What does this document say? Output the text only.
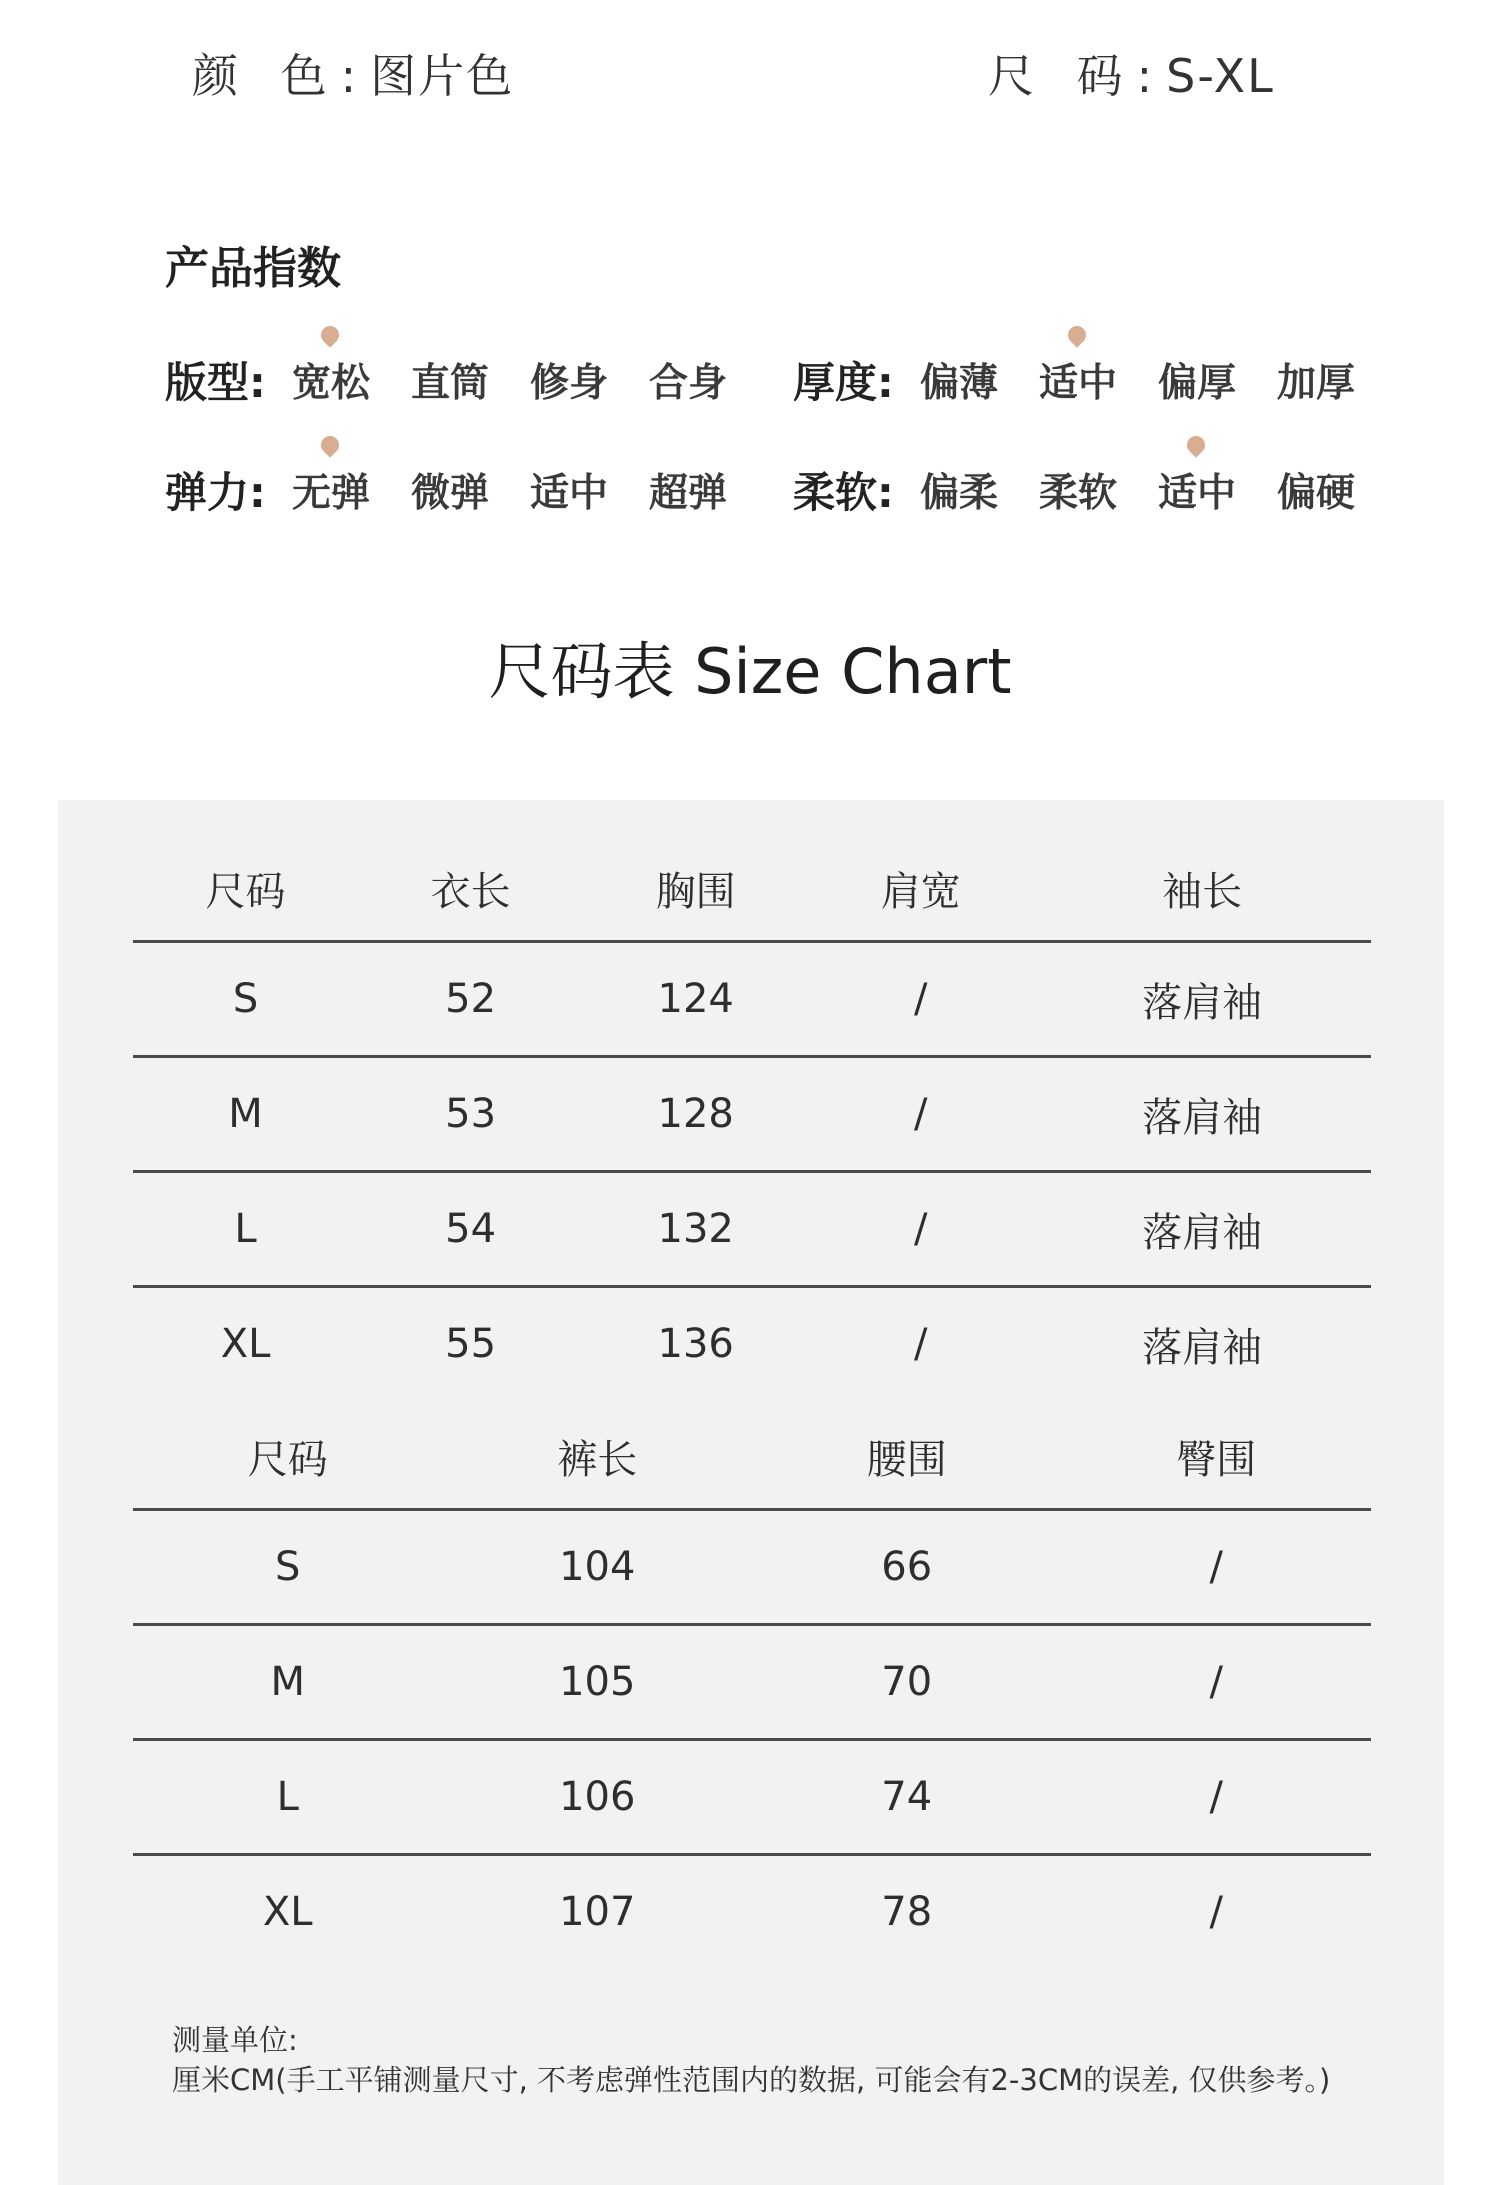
颜 色:图片色	尺 码:S-XL
产品指数
版型: 宽松 直筒 修身 合身 厚度: 偏薄 适中 偏厚 加厚
弹力: 无弹 微弹 适中 超弹 柔软: 偏柔 柔软 适中 偏硬
尺码表 Size Chart
尺码	衣长	胸围	肩宽	袖长
S	52	124	/	落肩袖
M	53	128	/	落肩袖
L	54	132	/	落肩袖
XL	55	136	/	落肩袖
尺码	裤长	腰围	臀围
S	104	66	/
M	105	70	/
L	106	74	/
XL	107	78	/
测量单位:
厘米CM(手工平铺测量尺寸, 不考虑弹性范围内的数据, 可能会有2-3CM的误差, 仅供参考。)
